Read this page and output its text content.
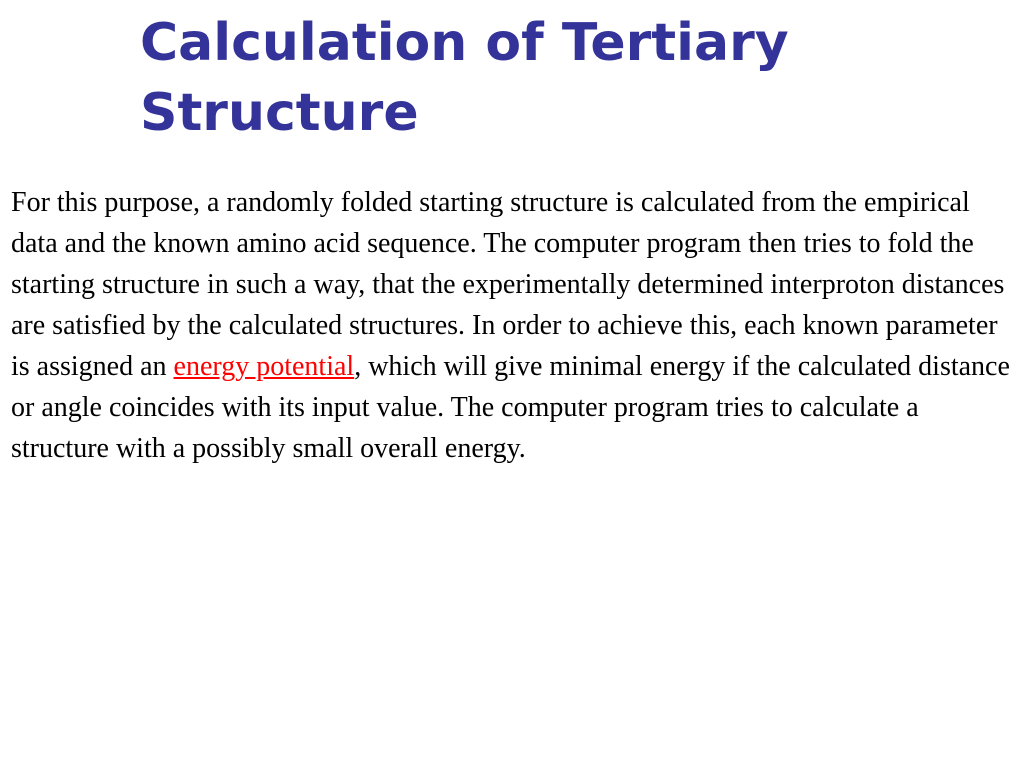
Calculation of Tertiary Structure

For this purpose, a randomly folded starting structure is calculated from the empirical data and the known amino acid sequence. The computer program then tries to fold the starting structure in such a way, that the experimentally determined interproton distances are satisfied by the calculated structures. In order to achieve this, each known parameter is assigned an energy potential, which will give minimal energy if the calculated distance or angle coincides with its input value. The computer program tries to calculate a structure with a possibly small overall energy.
